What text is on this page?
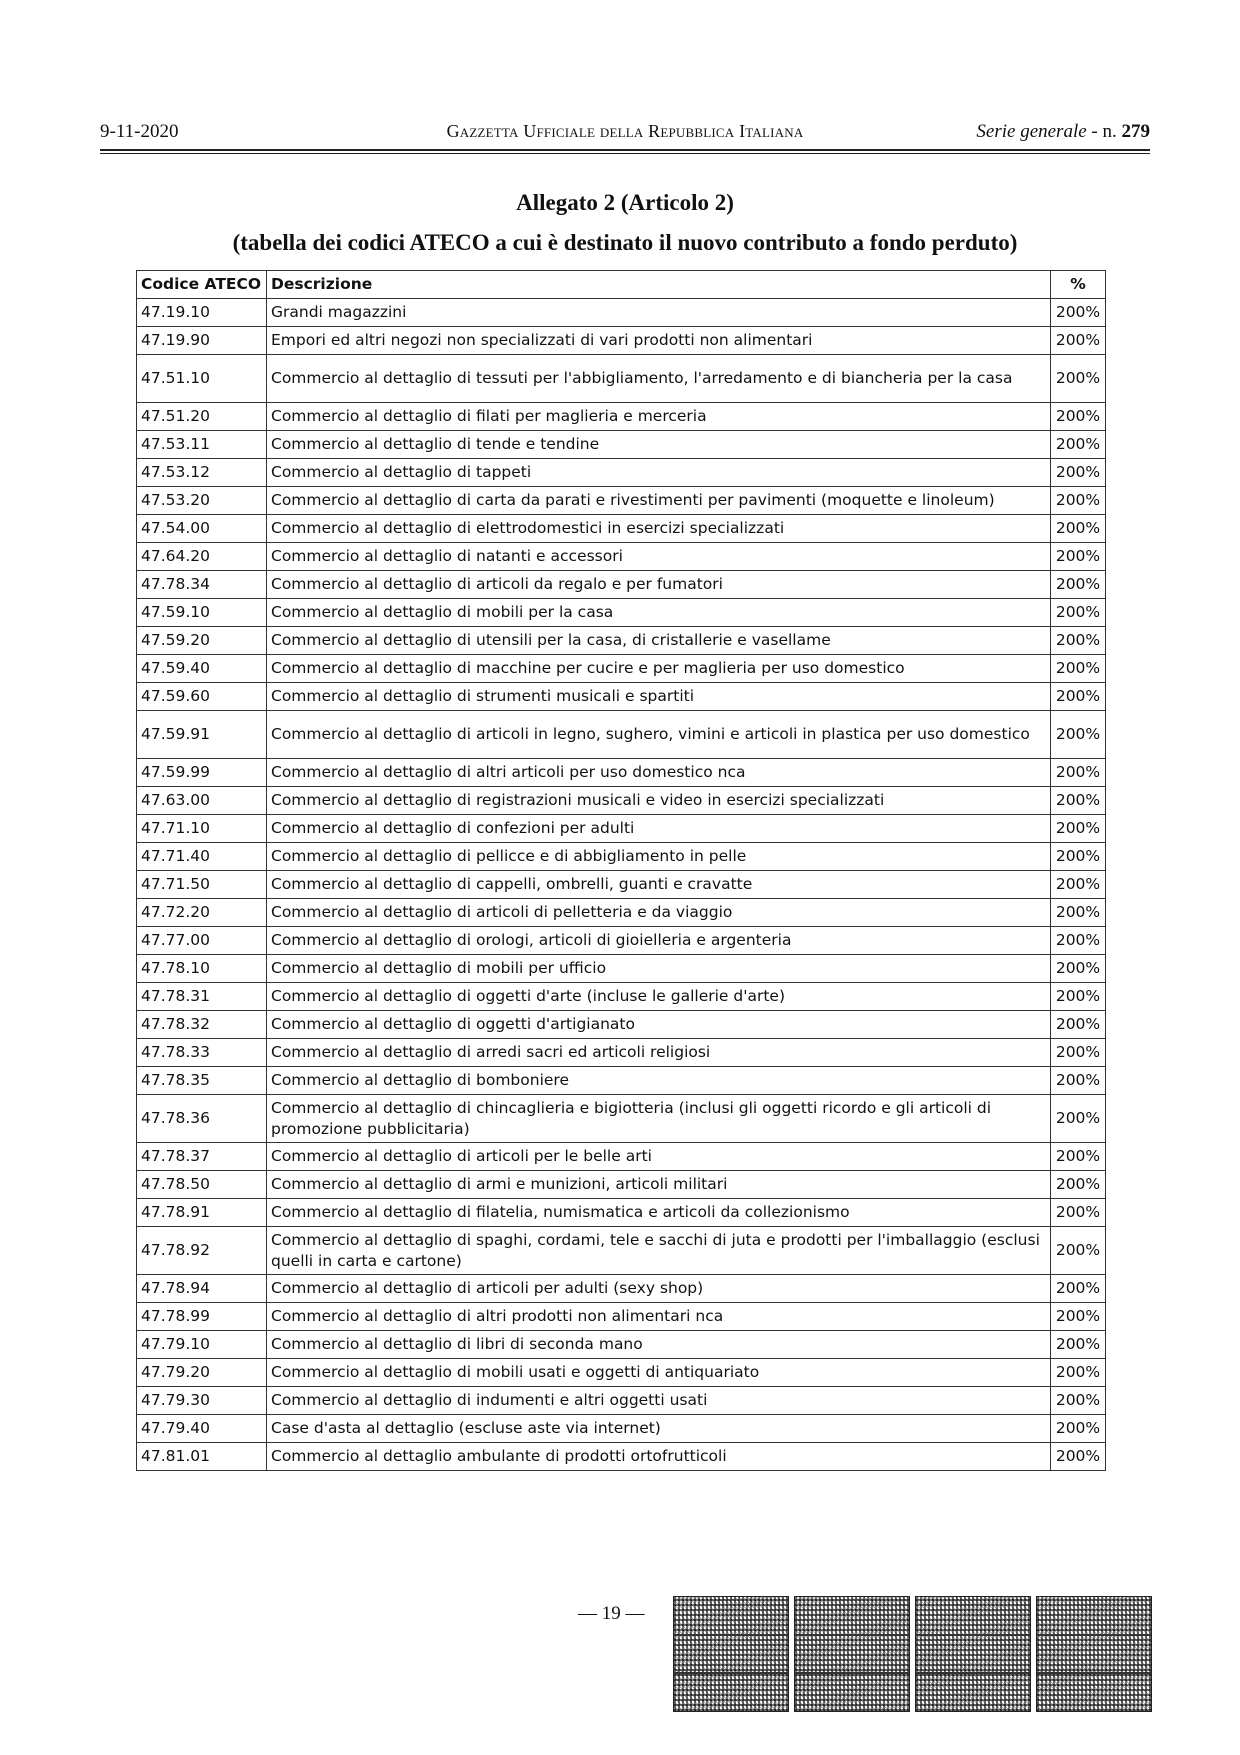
9-11-2020	Gazzetta Ufficiale della Repubblica Italiana	Serie generale - n. 279
Allegato 2 (Articolo 2)
(tabella dei codici ATECO a cui è destinato il nuovo contributo a fondo perduto)
Codice ATECO	Descrizione	%
47.19.10	Grandi magazzini	200%
47.19.90	Empori ed altri negozi non specializzati di vari prodotti non alimentari	200%
47.51.10	Commercio al dettaglio di tessuti per l'abbigliamento, l'arredamento e di biancheria per la casa	200%
47.51.20	Commercio al dettaglio di filati per maglieria e merceria	200%
47.53.11	Commercio al dettaglio di tende e tendine	200%
47.53.12	Commercio al dettaglio di tappeti	200%
47.53.20	Commercio al dettaglio di carta da parati e rivestimenti per pavimenti (moquette e linoleum)	200%
47.54.00	Commercio al dettaglio di elettrodomestici in esercizi specializzati	200%
47.64.20	Commercio al dettaglio di natanti e accessori	200%
47.78.34	Commercio al dettaglio di articoli da regalo e per fumatori	200%
47.59.10	Commercio al dettaglio di mobili per la casa	200%
47.59.20	Commercio al dettaglio di utensili per la casa, di cristallerie e vasellame	200%
47.59.40	Commercio al dettaglio di macchine per cucire e per maglieria per uso domestico	200%
47.59.60	Commercio al dettaglio di strumenti musicali e spartiti	200%
47.59.91	Commercio al dettaglio di articoli in legno, sughero, vimini e articoli in plastica per uso domestico	200%
47.59.99	Commercio al dettaglio di altri articoli per uso domestico nca	200%
47.63.00	Commercio al dettaglio di registrazioni musicali e video in esercizi specializzati	200%
47.71.10	Commercio al dettaglio di confezioni per adulti	200%
47.71.40	Commercio al dettaglio di pellicce e di abbigliamento in pelle	200%
47.71.50	Commercio al dettaglio di cappelli, ombrelli, guanti e cravatte	200%
47.72.20	Commercio al dettaglio di articoli di pelletteria e da viaggio	200%
47.77.00	Commercio al dettaglio di orologi, articoli di gioielleria e argenteria	200%
47.78.10	Commercio al dettaglio di mobili per ufficio	200%
47.78.31	Commercio al dettaglio di oggetti d'arte (incluse le gallerie d'arte)	200%
47.78.32	Commercio al dettaglio di oggetti d'artigianato	200%
47.78.33	Commercio al dettaglio di arredi sacri ed articoli religiosi	200%
47.78.35	Commercio al dettaglio di bomboniere	200%
47.78.36	Commercio al dettaglio di chincaglieria e bigiotteria (inclusi gli oggetti ricordo e gli articoli di promozione pubblicitaria)	200%
47.78.37	Commercio al dettaglio di articoli per le belle arti	200%
47.78.50	Commercio al dettaglio di armi e munizioni, articoli militari	200%
47.78.91	Commercio al dettaglio di filatelia, numismatica e articoli da collezionismo	200%
47.78.92	Commercio al dettaglio di spaghi, cordami, tele e sacchi di juta e prodotti per l'imballaggio (esclusi quelli in carta e cartone)	200%
47.78.94	Commercio al dettaglio di articoli per adulti (sexy shop)	200%
47.78.99	Commercio al dettaglio di altri prodotti non alimentari nca	200%
47.79.10	Commercio al dettaglio di libri di seconda mano	200%
47.79.20	Commercio al dettaglio di mobili usati e oggetti di antiquariato	200%
47.79.30	Commercio al dettaglio di indumenti e altri oggetti usati	200%
47.79.40	Case d'asta al dettaglio (escluse aste via internet)	200%
47.81.01	Commercio al dettaglio ambulante di prodotti ortofrutticoli	200%
— 19 —
